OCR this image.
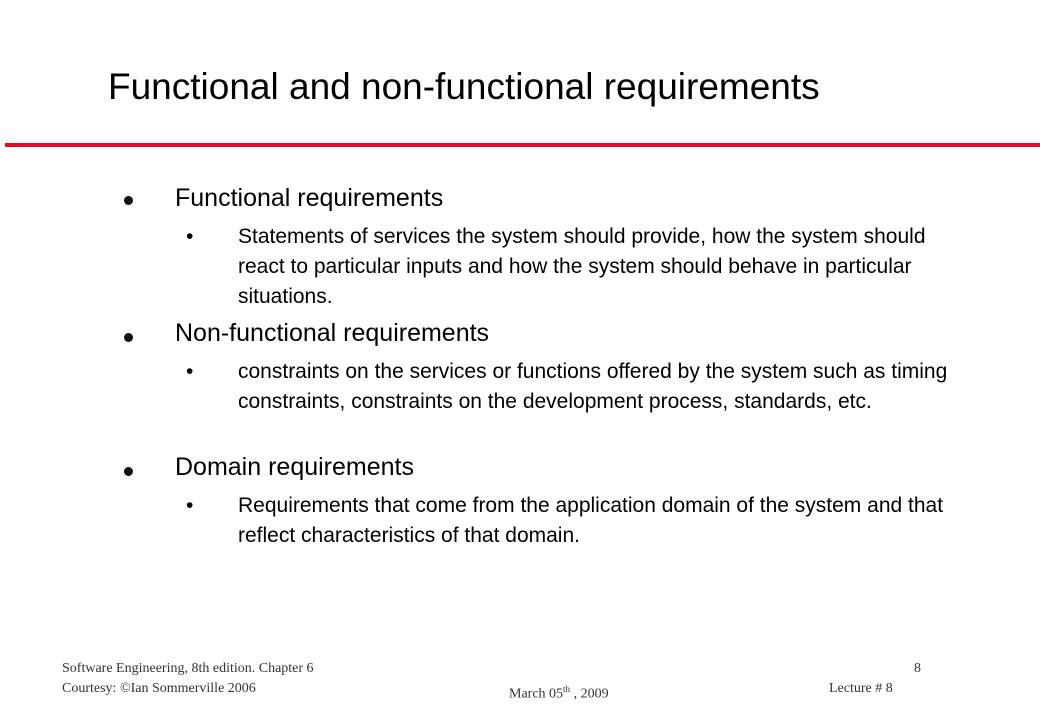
Functional and non-functional requirements
Functional requirements
• Statements of services the system should provide, how the system should react to particular inputs and how the system should behave in particular situations.
Non-functional requirements
• constraints on the services or functions offered by the system such as timing constraints, constraints on the development process, standards, etc.
Domain requirements
• Requirements that come from the application domain of the system and that reflect characteristics of that domain.
Software Engineering, 8th edition. Chapter 6
Courtesy: ©Ian Sommerville 2006	March 05th , 2009
8
Lecture # 8
